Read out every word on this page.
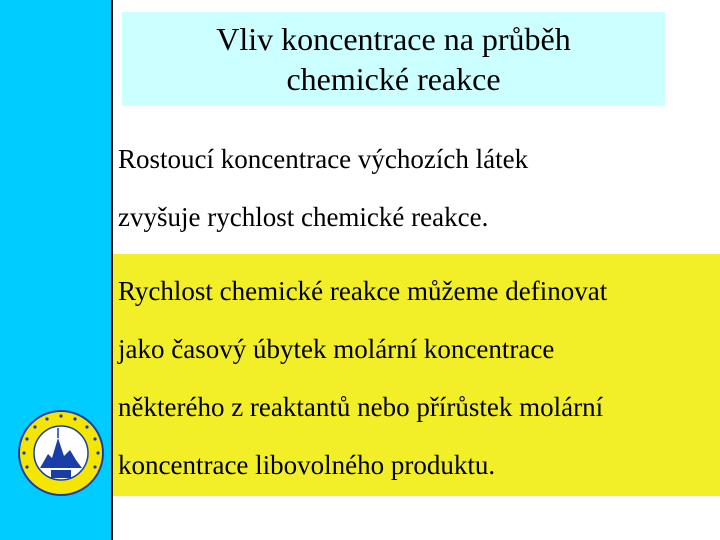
Vliv koncentrace na průběh
chemické reakce
Rostoucí koncentrace výchozích látek
zvyšuje rychlost chemické reakce.
Rychlost chemické reakce můžeme definovat
jako časový úbytek molární koncentrace
některého z reaktantů nebo přírůstek molární
koncentrace libovolného produktu.
